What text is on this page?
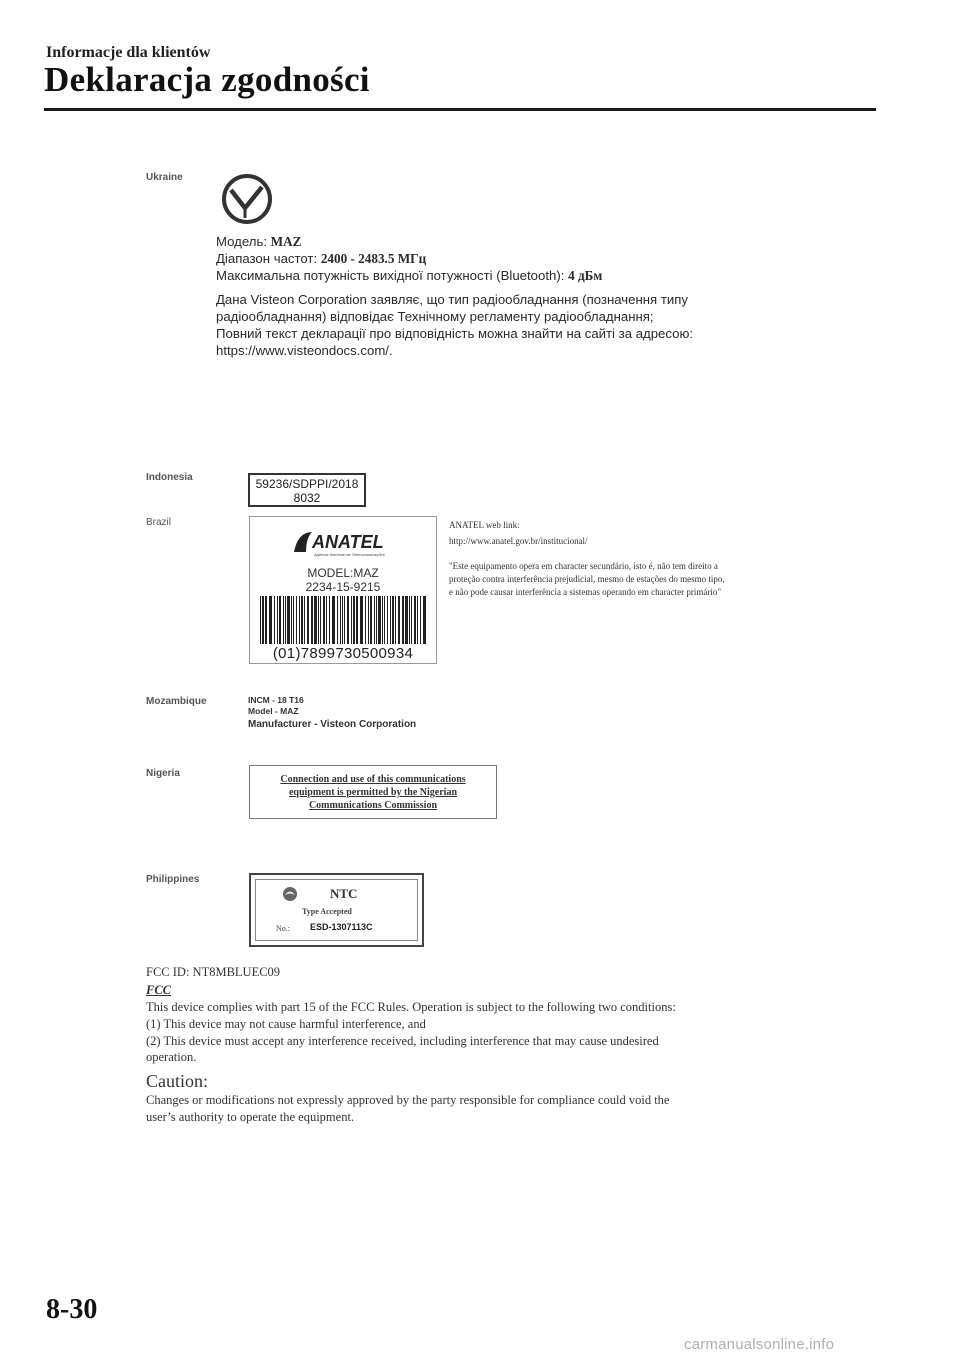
Informacje dla klientów
Deklaracja zgodności
Ukraine
Модель: MAZ
Діапазон частот: 2400 - 2483.5 МГц
Максимальна потужність вихідної потужності (Bluetooth): 4 дБм
Дана Visteon Corporation заявляє, що тип радіообладнання (позначення типу
радіообладнання) відповідає Технічному регламенту радіообладнання;
Повний текст декларації про відповідність можна знайти на сайті за адресою:
https://www.visteondocs.com/.
Indonesia	59236/SDPPI/2018
8032
Brazil
ANATEL
Agência Nacional de Telecomunicações
MODEL:MAZ
2234-15-9215
(01)7899730500934
ANATEL web link:
http://www.anatel.gov.br/institucional/
"Este equipamento opera em character secundário, isto é, não tem direito a
proteção contra interferência prejudicial, mesmo de estações do mesmo tipo,
e não pode causar interferência a sistemas operando em character primário"
Mozambique	INCM - 18 T16
Model - MAZ
Manufacturer - Visteon Corporation
Nigeria
Connection and use of this communications
equipment is permitted by the Nigerian
Communications Commission
Philippines
NTC
Type Accepted
No.: ESD-1307113C
FCC ID: NT8MBLUEC09
FCC
This device complies with part 15 of the FCC Rules. Operation is subject to the following two conditions:
(1) This device may not cause harmful interference, and
(2) This device must accept any interference received, including interference that may cause undesired
operation.
Caution:
Changes or modifications not expressly approved by the party responsible for compliance could void the
user’s authority to operate the equipment.
8-30
carmanualsonline.info
